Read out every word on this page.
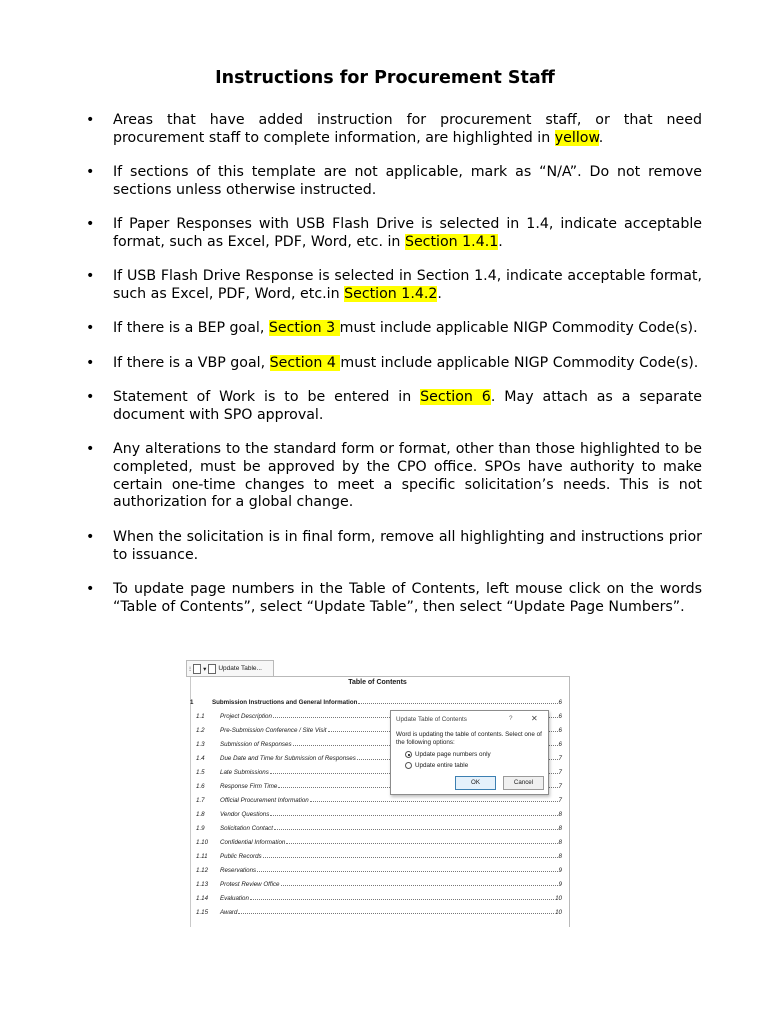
Instructions for Procurement Staff
• Areas that have added instruction for procurement staff, or that need procurement staff to complete information, are highlighted in yellow.
• If sections of this template are not applicable, mark as “N/A”. Do not remove sections unless otherwise instructed.
• If Paper Responses with USB Flash Drive is selected in 1.4, indicate acceptable format, such as Excel, PDF, Word, etc. in Section 1.4.1.
• If USB Flash Drive Response is selected in Section 1.4, indicate acceptable format, such as Excel, PDF, Word, etc.in Section 1.4.2.
• If there is a BEP goal, Section 3 must include applicable NIGP Commodity Code(s).
• If there is a VBP goal, Section 4 must include applicable NIGP Commodity Code(s).
• Statement of Work is to be entered in Section 6. May attach as a separate document with SPO approval.
• Any alterations to the standard form or format, other than those highlighted to be completed, must be approved by the CPO office. SPOs have authority to make certain one-time changes to meet a specific solicitation’s needs. This is not authorization for a global change.
• When the solicitation is in final form, remove all highlighting and instructions prior to issuance.
• To update page numbers in the Table of Contents, left mouse click on the words “Table of Contents”, select “Update Table”, then select “Update Page Numbers”.
⁝ ▾ Update Table...
Table of Contents
1	Submission Instructions and General Information	6
1.1	Project Description	6
1.2	Pre-Submission Conference / Site Visit	6
1.3	Submission of Responses	6
1.4	Due Date and Time for Submission of Responses	7
1.5	Late Submissions	7
1.6	Response Firm Time	7
1.7	Official Procurement Information	7
1.8	Vendor Questions	8
1.9	Solicitation Contact	8
1.10	Confidential Information	8
1.11	Public Records	8
1.12	Reservations	9
1.13	Protest Review Office	9
1.14	Evaluation	10
1.15	Award	10
Update Table of Contents	? ✕
Word is updating the table of contents. Select one of the following options:
Update page numbers only
Update entire table
OK	Cancel
